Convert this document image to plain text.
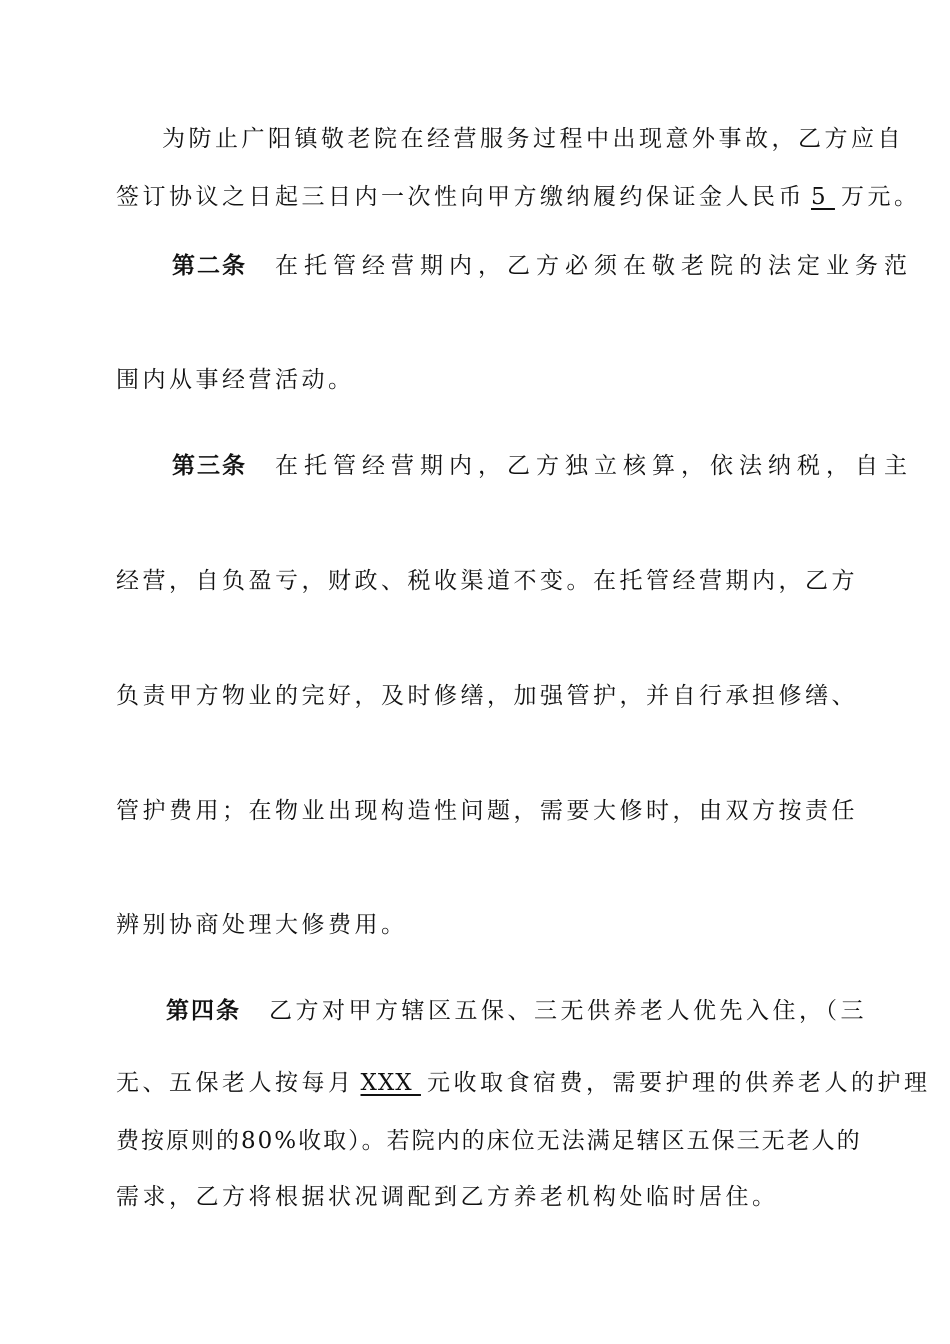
为防止广阳镇敬老院在经营服务过程中出现意外事故，乙方应自
签订协议之日起三日内一次性向甲方缴纳履约保证金人民币 5 万元。
第二条 在托管经营期内，乙方必须在敬老院的法定业务范
围内从事经营活动。
第三条 在托管经营期内，乙方独立核算，依法纳税，自主
经营，自负盈亏，财政、税收渠道不变。在托管经营期内，乙方
负责甲方物业的完好，及时修缮，加强管护，并自行承担修缮、
管护费用；在物业出现构造性问题，需要大修时，由双方按责任
辨别协商处理大修费用。
第四条 乙方对甲方辖区五保、三无供养老人优先入住，（三
无、五保老人按每月 XXX 元收取食宿费，需要护理的供养老人的护理
费按原则的80%收取）。若院内的床位无法满足辖区五保三无老人的
需求，乙方将根据状况调配到乙方养老机构处临时居住。
